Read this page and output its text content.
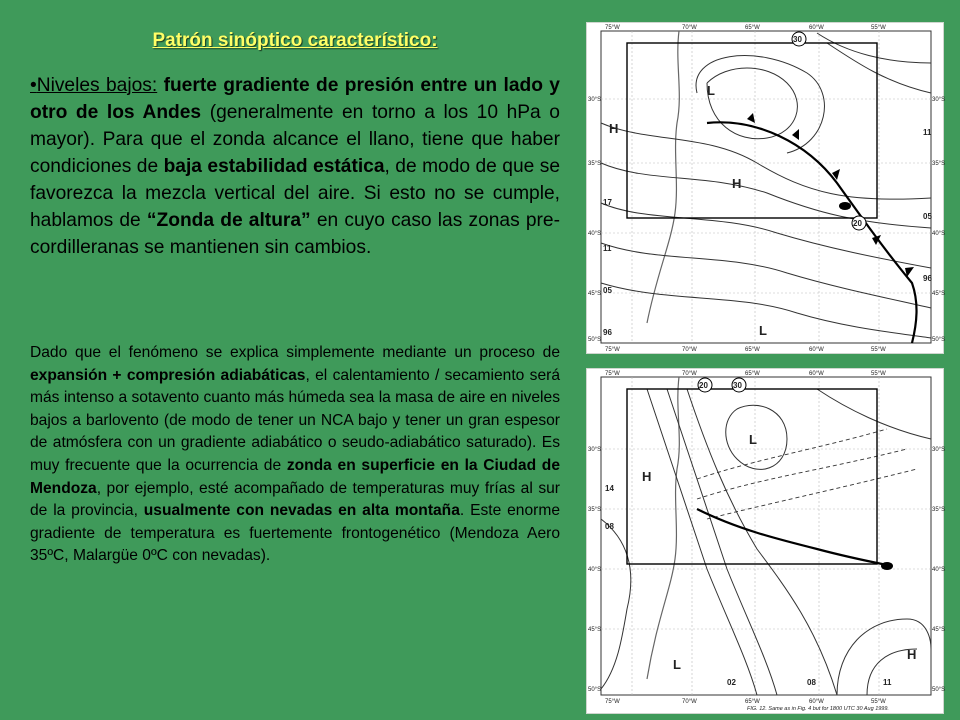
Patrón sinóptico característico:
•Niveles bajos: fuerte gradiente de presión entre un lado y otro de los Andes (generalmente en torno a los 10 hPa o mayor). Para que el zonda alcance el llano, tiene que haber condiciones de baja estabilidad estática, de modo de que se favorezca la mezcla vertical del aire. Si esto no se cumple, hablamos de “Zonda de altura” en cuyo caso las zonas pre-cordilleranas se mantienen sin cambios.
Dado que el fenómeno se explica simplemente mediante un proceso de expansión + compresión adiabáticas, el calentamiento / secamiento será más intenso a sotavento cuanto más húmeda sea la masa de aire en niveles bajos a barlovento (de modo de tener un NCA bajo y tener un gran espesor de atmósfera con un gradiente adiabático o seudo-adiabático saturado). Es muy frecuente que la ocurrencia de zonda en superficie en la Ciudad de Mendoza, por ejemplo, esté acompañado de temperaturas muy frías al sur de la provincia, usualmente con nevadas en alta montaña. Este enorme gradiente de temperatura es fuertemente frontogenético (Mendoza Aero 35ºC, Malargüe 0ºC con nevadas).
75°W	70°W	65°W	60°W	55°W
75°W	70°W	65°W	60°W	55°W
30°S
35°S
40°S
45°S
50°S
30°S
35°S
40°S
45°S
50°S
H
H
L
L
30
20
17
11
05
96
11
05
96
75°W	70°W	65°W	60°W	55°W
75°W	70°W	65°W	60°W	55°W
30°S
35°S
40°S
45°S
50°S
30°S
35°S
40°S
45°S
50°S
H
H
L
L
20	30
14
08
02	08	11
FIG. 12. Same as in Fig. 4 but for 1800 UTC 30 Aug 1999.
